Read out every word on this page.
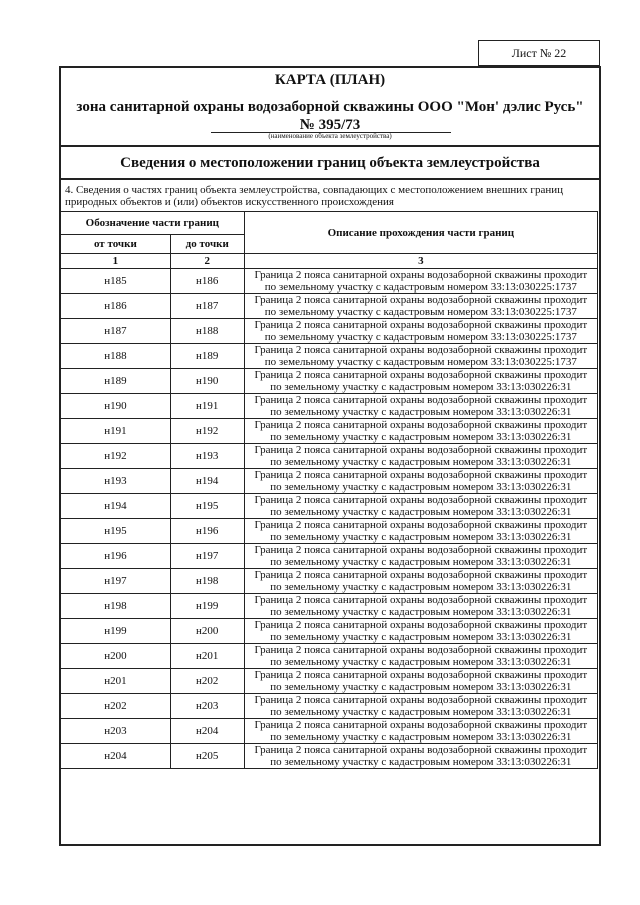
Лист № 22
КАРТА (ПЛАН)
зона санитарной охраны водозаборной скважины ООО "Мон' дэлис Русь" № 395/73
(наименование объекта землеустройства)
Сведения о местоположении границ объекта землеустройства
4. Сведения о частях границ объекта землеустройства, совпадающих с местоположением внешних границ природных объектов и (или) объектов искусственного происхождения
Обозначение части границ		Описание прохождения части границ
от точки	до точки	
1	2	3
н185	н186	Граница 2 пояса санитарной охраны водозаборной скважины проходит
по земельному участку с кадастровым номером 33:13:030225:1737

н186	н187	Граница 2 пояса санитарной охраны водозаборной скважины проходит
по земельному участку с кадастровым номером 33:13:030225:1737

н187	н188	Граница 2 пояса санитарной охраны водозаборной скважины проходит
по земельному участку с кадастровым номером 33:13:030225:1737

н188	н189	Граница 2 пояса санитарной охраны водозаборной скважины проходит
по земельному участку с кадастровым номером 33:13:030225:1737

н189	н190	Граница 2 пояса санитарной охраны водозаборной скважины проходит
по земельному участку с кадастровым номером 33:13:030226:31

н190	н191	Граница 2 пояса санитарной охраны водозаборной скважины проходит
по земельному участку с кадастровым номером 33:13:030226:31

н191	н192	Граница 2 пояса санитарной охраны водозаборной скважины проходит
по земельному участку с кадастровым номером 33:13:030226:31

н192	н193	Граница 2 пояса санитарной охраны водозаборной скважины проходит
по земельному участку с кадастровым номером 33:13:030226:31

н193	н194	Граница 2 пояса санитарной охраны водозаборной скважины проходит
по земельному участку с кадастровым номером 33:13:030226:31

н194	н195	Граница 2 пояса санитарной охраны водозаборной скважины проходит
по земельному участку с кадастровым номером 33:13:030226:31

н195	н196	Граница 2 пояса санитарной охраны водозаборной скважины проходит
по земельному участку с кадастровым номером 33:13:030226:31

н196	н197	Граница 2 пояса санитарной охраны водозаборной скважины проходит
по земельному участку с кадастровым номером 33:13:030226:31

н197	н198	Граница 2 пояса санитарной охраны водозаборной скважины проходит
по земельному участку с кадастровым номером 33:13:030226:31

н198	н199	Граница 2 пояса санитарной охраны водозаборной скважины проходит
по земельному участку с кадастровым номером 33:13:030226:31

н199	н200	Граница 2 пояса санитарной охраны водозаборной скважины проходит
по земельному участку с кадастровым номером 33:13:030226:31

н200	н201	Граница 2 пояса санитарной охраны водозаборной скважины проходит
по земельному участку с кадастровым номером 33:13:030226:31

н201	н202	Граница 2 пояса санитарной охраны водозаборной скважины проходит
по земельному участку с кадастровым номером 33:13:030226:31

н202	н203	Граница 2 пояса санитарной охраны водозаборной скважины проходит
по земельному участку с кадастровым номером 33:13:030226:31

н203	н204	Граница 2 пояса санитарной охраны водозаборной скважины проходит
по земельному участку с кадастровым номером 33:13:030226:31

н204	н205	Граница 2 пояса санитарной охраны водозаборной скважины проходит
по земельному участку с кадастровым номером 33:13:030226:31
